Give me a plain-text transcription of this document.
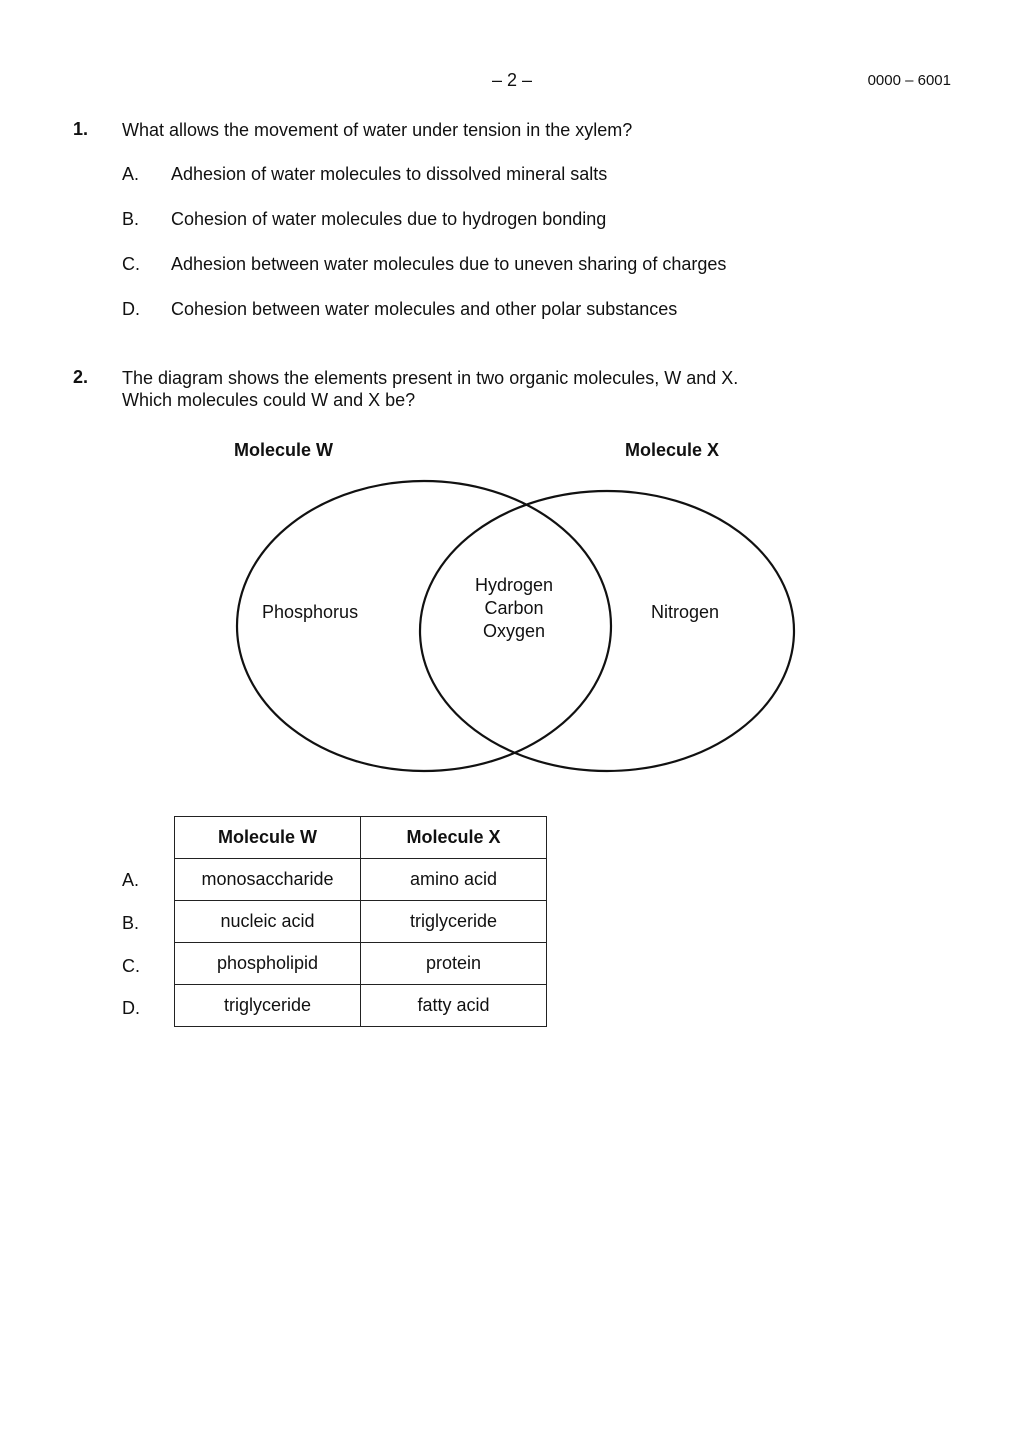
– 2 –	0000 – 6001
1. What allows the movement of water under tension in the xylem?
A. Adhesion of water molecules to dissolved mineral salts
B. Cohesion of water molecules due to hydrogen bonding
C. Adhesion between water molecules due to uneven sharing of charges
D. Cohesion between water molecules and other polar substances
2. The diagram shows the elements present in two organic molecules, W and X.
Which molecules could W and X be?
Molecule W	Molecule X
Phosphorus	Nitrogen
Hydrogen
Carbon
Oxygen
Molecule W	Molecule X
monosaccharide	amino acid
nucleic acid	triglyceride
phospholipid	protein
triglyceride	fatty acid
A.
B.
C.
D.
